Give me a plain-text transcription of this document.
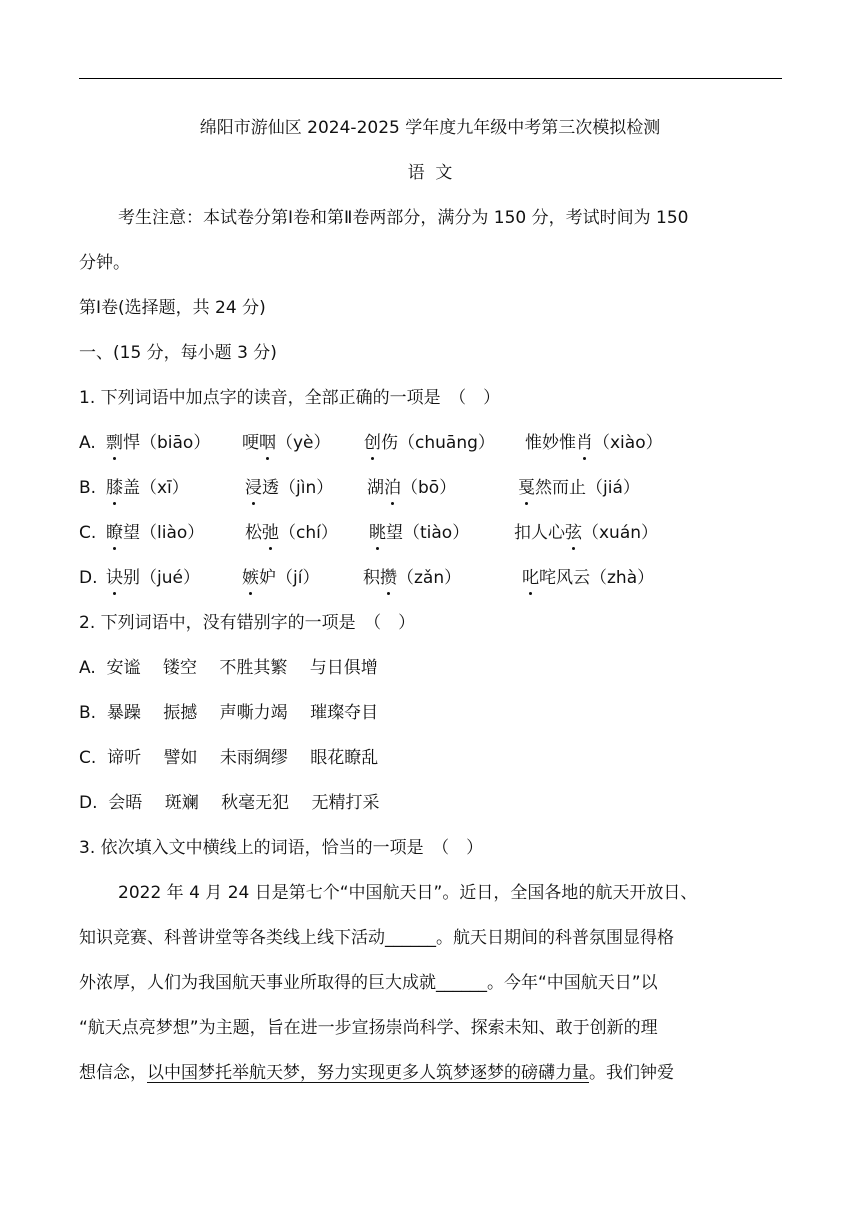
绵阳市游仙区 2024-2025 学年度九年级中考第三次模拟检测
语  文
考生注意：本试卷分第Ⅰ卷和第Ⅱ卷两部分，满分为 150 分，考试时间为 150
分钟。
第Ⅰ卷(选择题，共 24 分)
一、(15 分，每小题 3 分)
1. 下列词语中加点字的读音，全部正确的一项是　（　）
A. 剽悍（biāo） 哽咽（yè） 创伤（chuāng） 惟妙惟肖（xiào）
B. 膝盖（xī）	浸透（jìn） 湖泊（bō）	戛然而止（jiá）
C. 瞭望（liào） 松弛（chí） 眺望（tiào）	扣人心弦（xuán）
D. 诀别（jué） 嫉妒（jí）	积攒（zǎn）	叱咤风云（zhà）
2. 下列词语中，没有错别字的一项是　（　）
A.  安谧　 镂空　 不胜其繁　 与日俱增
B.  暴躁　 振撼　 声嘶力竭　 璀璨夺目
C.  谛听　 譬如　 未雨绸缪　 眼花瞭乱
D.  会晤　 斑斓　 秋毫无犯　 无精打采
3. 依次填入文中横线上的词语，恰当的一项是　（　）
2022 年 4 月 24 日是第七个“中国航天日”。近日，全国各地的航天开放日、
知识竞赛、科普讲堂等各类线上线下活动______。航天日期间的科普氛围显得格
外浓厚，人们为我国航天事业所取得的巨大成就______。今年“中国航天日”以
“航天点亮梦想”为主题，旨在进一步宣扬崇尚科学、探索未知、敢于创新的理
想信念，以中国梦托举航天梦，努力实现更多人筑梦逐梦的磅礴力量。我们钟爱
